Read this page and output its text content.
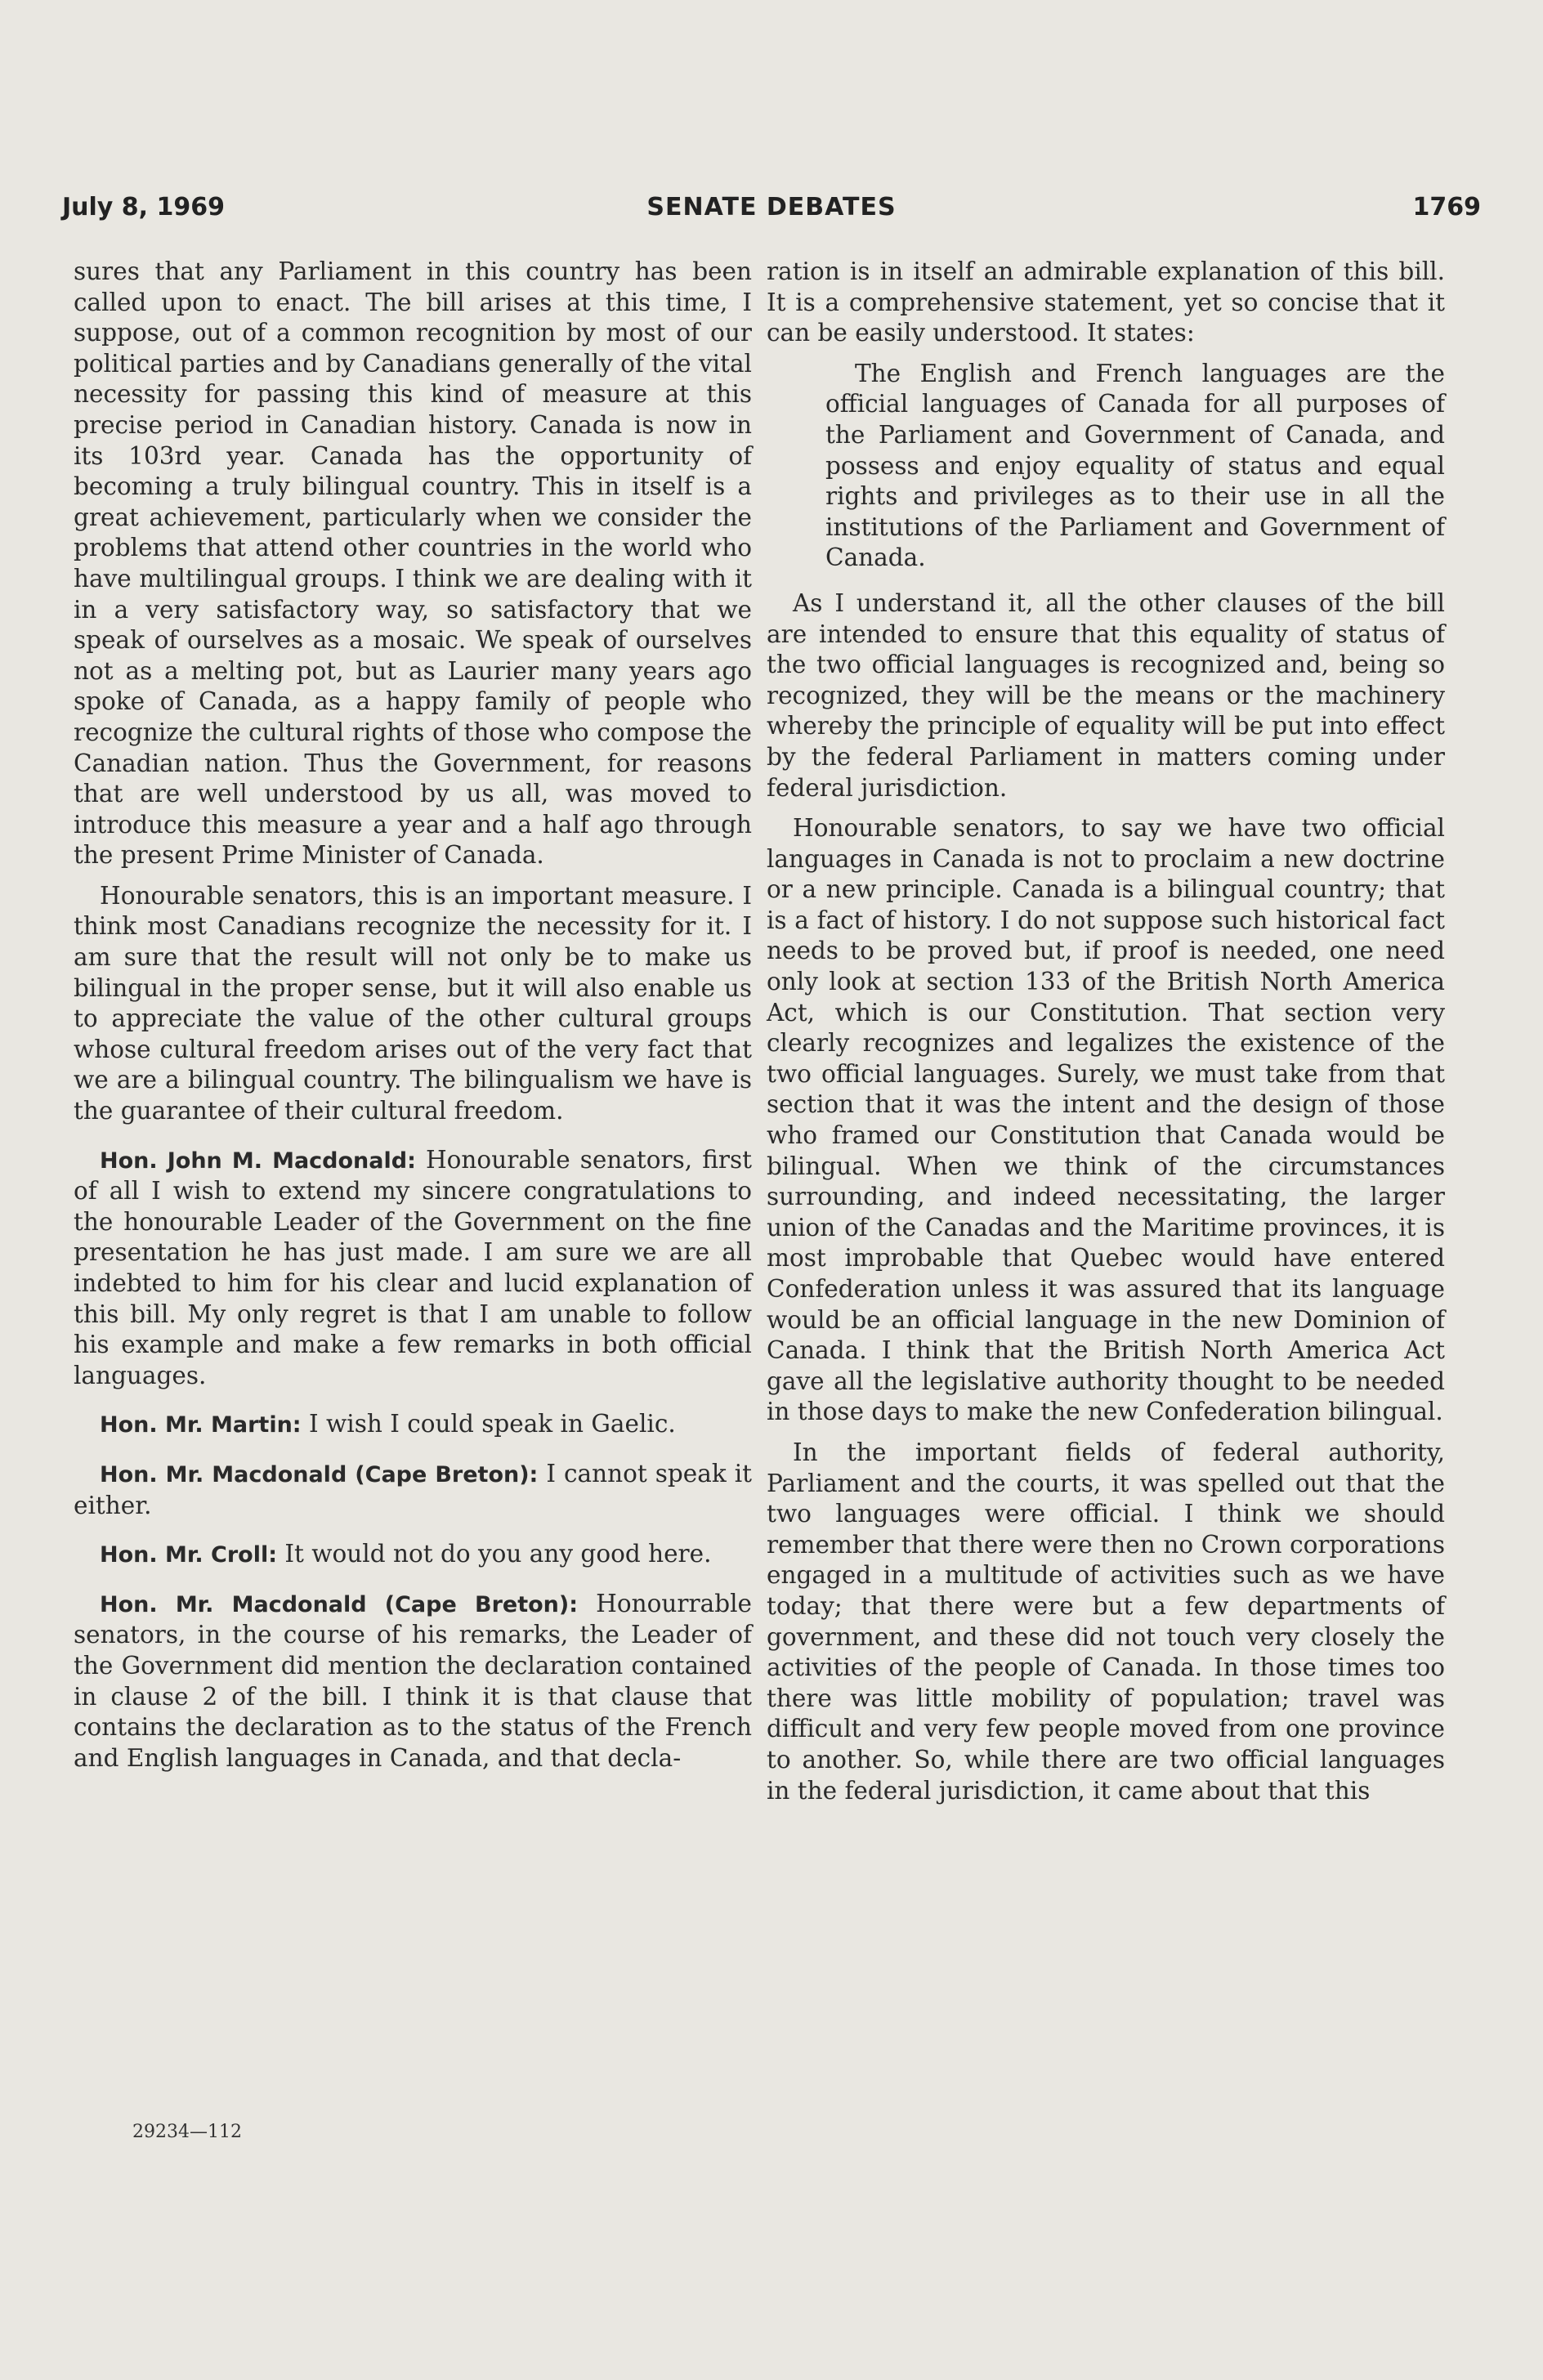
July 8, 1969	SENATE DEBATES	1769

sures that any Parliament in this country has been called upon to enact. The bill arises at this time, I suppose, out of a common recognition by most of our political parties and by Canadians generally of the vital necessity for passing this kind of measure at this precise period in Canadian history. Canada is now in its 103rd year. Canada has the opportunity of becoming a truly bilingual country. This in itself is a great achievement, particularly when we consider the problems that attend other countries in the world who have multilingual groups. I think we are dealing with it in a very satisfactory way, so satisfactory that we speak of ourselves as a mosaic. We speak of ourselves not as a melting pot, but as Laurier many years ago spoke of Canada, as a happy family of people who recognize the cultural rights of those who compose the Canadian nation. Thus the Government, for reasons that are well understood by us all, was moved to introduce this measure a year and a half ago through the present Prime Minister of Canada.

Honourable senators, this is an important measure. I think most Canadians recognize the necessity for it. I am sure that the result will not only be to make us bilingual in the proper sense, but it will also enable us to appreciate the value of the other cultural groups whose cultural freedom arises out of the very fact that we are a bilingual country. The bilingualism we have is the guarantee of their cultural freedom.

Hon. John M. Macdonald: Honourable senators, first of all I wish to extend my sincere congratulations to the honourable Leader of the Government on the fine presentation he has just made. I am sure we are all indebted to him for his clear and lucid explanation of this bill. My only regret is that I am unable to follow his example and make a few remarks in both official languages.

Hon. Mr. Martin: I wish I could speak in Gaelic.

Hon. Mr. Macdonald (Cape Breton): I cannot speak it either.

Hon. Mr. Croll: It would not do you any good here.

Hon. Mr. Macdonald (Cape Breton): Honourrable senators, in the course of his remarks, the Leader of the Government did mention the declaration contained in clause 2 of the bill. I think it is that clause that contains the declaration as to the status of the French and English languages in Canada, and that decla-

ration is in itself an admirable explanation of this bill. It is a comprehensive statement, yet so concise that it can be easily understood. It states:

The English and French languages are the official languages of Canada for all purposes of the Parliament and Government of Canada, and possess and enjoy equality of status and equal rights and privileges as to their use in all the institutions of the Parliament and Government of Canada.

As I understand it, all the other clauses of the bill are intended to ensure that this equality of status of the two official languages is recognized and, being so recognized, they will be the means or the machinery whereby the principle of equality will be put into effect by the federal Parliament in matters coming under federal jurisdiction.

Honourable senators, to say we have two official languages in Canada is not to proclaim a new doctrine or a new principle. Canada is a bilingual country; that is a fact of history. I do not suppose such historical fact needs to be proved but, if proof is needed, one need only look at section 133 of the British North America Act, which is our Constitution. That section very clearly recognizes and legalizes the existence of the two official languages. Surely, we must take from that section that it was the intent and the design of those who framed our Constitution that Canada would be bilingual. When we think of the circumstances surrounding, and indeed necessitating, the larger union of the Canadas and the Maritime provinces, it is most improbable that Quebec would have entered Confederation unless it was assured that its language would be an official language in the new Dominion of Canada. I think that the British North America Act gave all the legislative authority thought to be needed in those days to make the new Confederation bilingual.

In the important fields of federal authority, Parliament and the courts, it was spelled out that the two languages were official. I think we should remember that there were then no Crown corporations engaged in a multitude of activities such as we have today; that there were but a few departments of government, and these did not touch very closely the activities of the people of Canada. In those times too there was little mobility of population; travel was difficult and very few people moved from one province to another. So, while there are two official languages in the federal jurisdiction, it came about that this

29234—112
